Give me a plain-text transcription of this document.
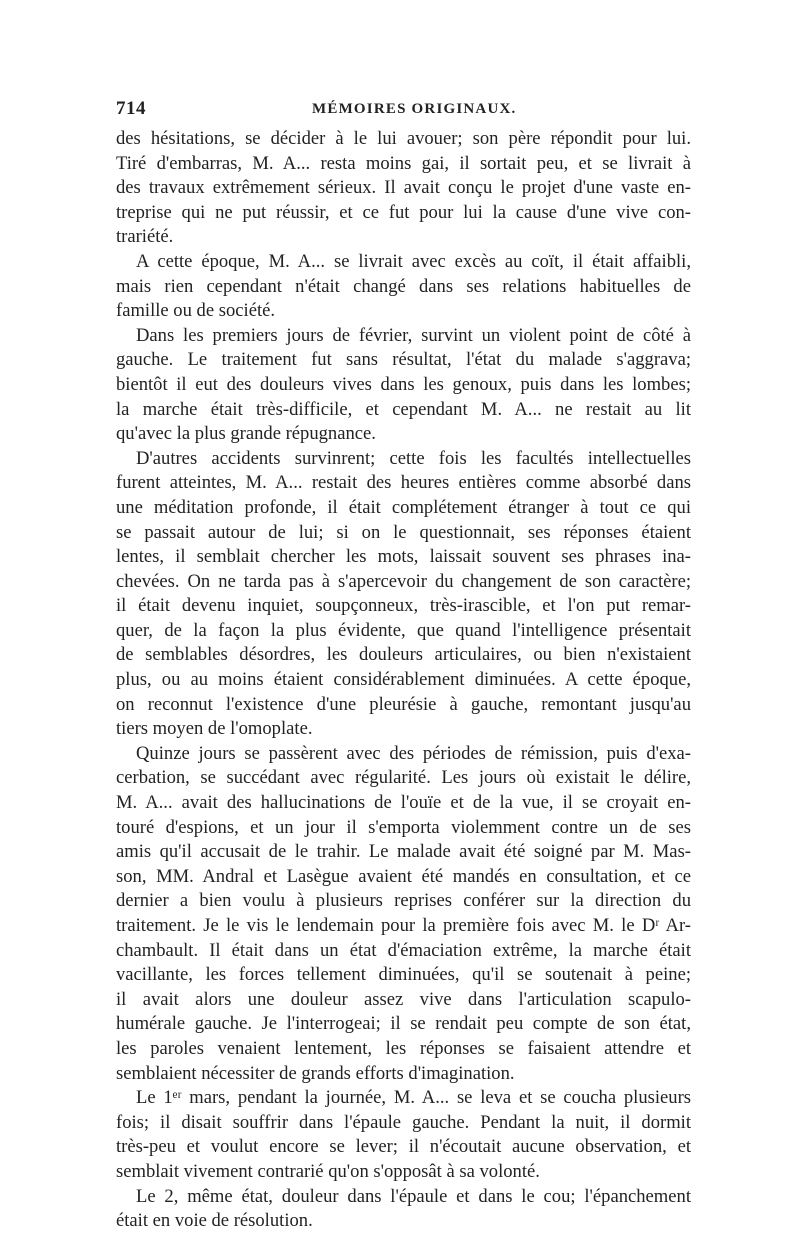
714	MÉMOIRES ORIGINAUX.
des hésitations, se décider à le lui avouer; son père répondit pour lui.
Tiré d'embarras, M. A... resta moins gai, il sortait peu, et se livrait à
des travaux extrêmement sérieux. Il avait conçu le projet d'une vaste en-
treprise qui ne put réussir, et ce fut pour lui la cause d'une vive con-
trariété.
A cette époque, M. A... se livrait avec excès au coït, il était affaibli,
mais rien cependant n'était changé dans ses relations habituelles de
famille ou de société.
Dans les premiers jours de février, survint un violent point de côté à
gauche. Le traitement fut sans résultat, l'état du malade s'aggrava;
bientôt il eut des douleurs vives dans les genoux, puis dans les lombes;
la marche était très-difficile, et cependant M. A... ne restait au lit
qu'avec la plus grande répugnance.
D'autres accidents survinrent; cette fois les facultés intellectuelles
furent atteintes, M. A... restait des heures entières comme absorbé dans
une méditation profonde, il était complétement étranger à tout ce qui
se passait autour de lui; si on le questionnait, ses réponses étaient
lentes, il semblait chercher les mots, laissait souvent ses phrases ina-
chevées. On ne tarda pas à s'apercevoir du changement de son caractère;
il était devenu inquiet, soupçonneux, très-irascible, et l'on put remar-
quer, de la façon la plus évidente, que quand l'intelligence présentait
de semblables désordres, les douleurs articulaires, ou bien n'existaient
plus, ou au moins étaient considérablement diminuées. A cette époque,
on reconnut l'existence d'une pleurésie à gauche, remontant jusqu'au
tiers moyen de l'omoplate.
Quinze jours se passèrent avec des périodes de rémission, puis d'exa-
cerbation, se succédant avec régularité. Les jours où existait le délire,
M. A... avait des hallucinations de l'ouïe et de la vue, il se croyait en-
touré d'espions, et un jour il s'emporta violemment contre un de ses
amis qu'il accusait de le trahir. Le malade avait été soigné par M. Mas-
son, MM. Andral et Lasègue avaient été mandés en consultation, et ce
dernier a bien voulu à plusieurs reprises conférer sur la direction du
traitement. Je le vis le lendemain pour la première fois avec M. le Dʳ Ar-
chambault. Il était dans un état d'émaciation extrême, la marche était
vacillante, les forces tellement diminuées, qu'il se soutenait à peine;
il avait alors une douleur assez vive dans l'articulation scapulo-
humérale gauche. Je l'interrogeai; il se rendait peu compte de son état,
les paroles venaient lentement, les réponses se faisaient attendre et
semblaient nécessiter de grands efforts d'imagination.
Le 1ᵉʳ mars, pendant la journée, M. A... se leva et se coucha plusieurs
fois; il disait souffrir dans l'épaule gauche. Pendant la nuit, il dormit
très-peu et voulut encore se lever; il n'écoutait aucune observation, et
semblait vivement contrarié qu'on s'opposât à sa volonté.
Le 2, même état, douleur dans l'épaule et dans le cou; l'épanchement
était en voie de résolution.
